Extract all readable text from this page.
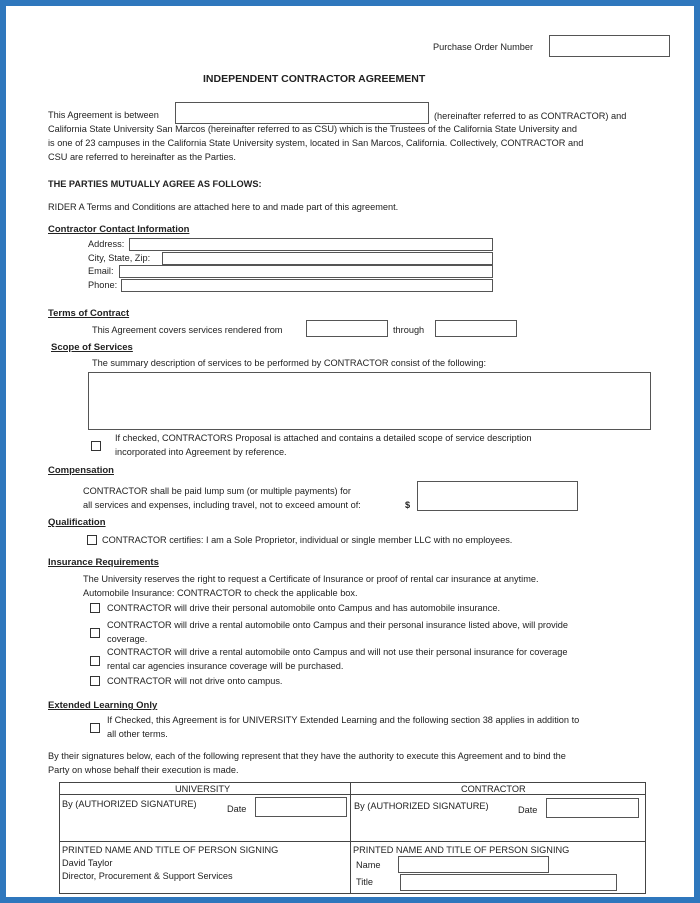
Purchase Order Number
INDEPENDENT CONTRACTOR AGREEMENT
This Agreement is between	(hereinafter referred to as CONTRACTOR) and
California State University San Marcos (hereinafter referred to as CSU) which is the Trustees of the California State University and
is one of 23 campuses in the California State University system, located in San Marcos, California. Collectively, CONTRACTOR and
CSU are referred to hereinafter as the Parties.
THE PARTIES MUTUALLY AGREE AS FOLLOWS:
RIDER A Terms and Conditions are attached here to and made part of this agreement.
Contractor Contact Information
Address:
City, State, Zip:
Email:
Phone:
Terms of Contract
This Agreement covers services rendered from	through
Scope of Services
The summary description of services to be performed by CONTRACTOR consist of the following:
If checked, CONTRACTORS Proposal is attached and contains a detailed scope of service description
incorporated into Agreement by reference.
Compensation
CONTRACTOR shall be paid lump sum (or multiple payments) for
all services and expenses, including travel, not to exceed amount of:	$
Qualification
CONTRACTOR certifies: I am a Sole Proprietor, individual or single member LLC with no employees.
Insurance Requirements
The University reserves the right to request a Certificate of Insurance or proof of rental car insurance at anytime.
Automobile Insurance: CONTRACTOR to check the applicable box.
CONTRACTOR will drive their personal automobile onto Campus and has automobile insurance.
CONTRACTOR will drive a rental automobile onto Campus and their personal insurance listed above, will provide
coverage.
CONTRACTOR will drive a rental automobile onto Campus and will not use their personal insurance for coverage
rental car agencies insurance coverage will be purchased.
CONTRACTOR will not drive onto campus.
Extended Learning Only
If Checked, this Agreement is for UNIVERSITY Extended Learning and the following section 38 applies in addition to
all other terms.
By their signatures below, each of the following represent that they have the authority to execute this Agreement and to bind the
Party on whose behalf their execution is made.
UNIVERSITY	CONTRACTOR
By (AUTHORIZED SIGNATURE)	Date	By (AUTHORIZED SIGNATURE)	Date
PRINTED NAME AND TITLE OF PERSON SIGNING
David Taylor
Director, Procurement & Support Services
PRINTED NAME AND TITLE OF PERSON SIGNING
Name
Title
